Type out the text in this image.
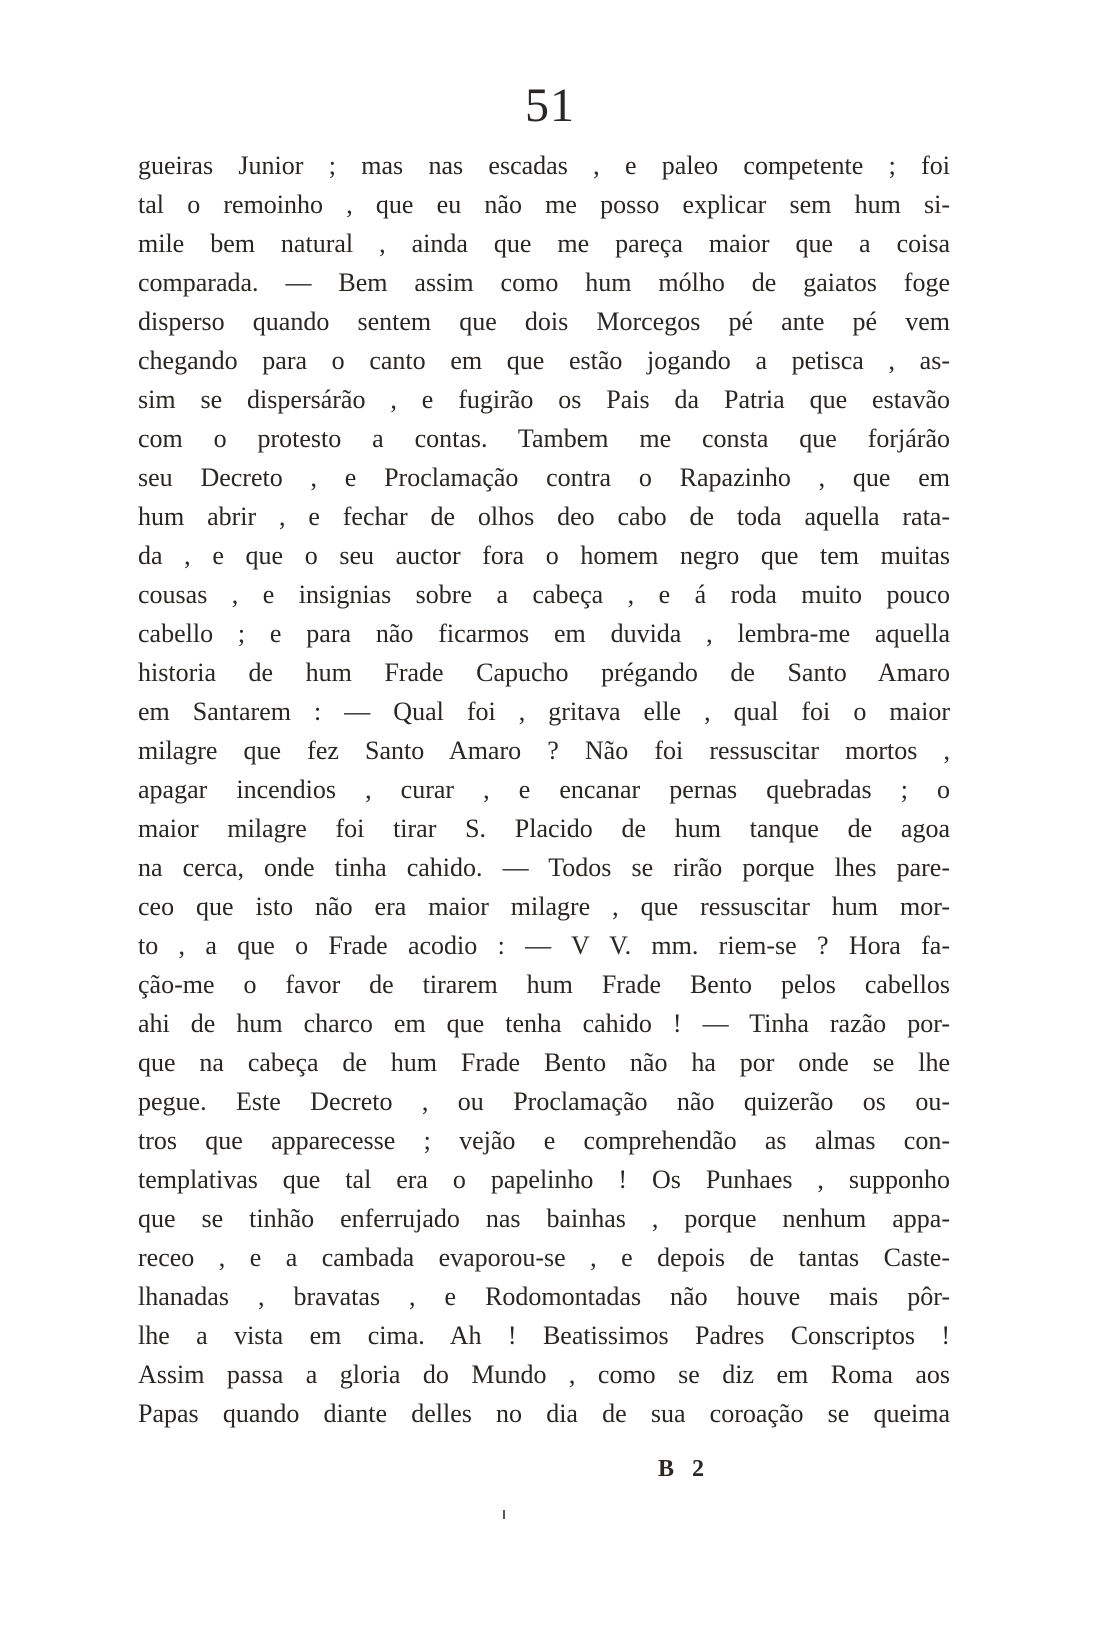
51
gueiras Junior ; mas nas escadas , e paleo competente ; foi
tal o remoinho , que eu não me posso explicar sem hum si-
mile bem natural , ainda que me pareça maior que a coisa
comparada. — Bem assim como hum mólho de gaiatos foge
disperso quando sentem que dois Morcegos pé ante pé vem
chegando para o canto em que estão jogando a petisca , as-
sim se dispersárão , e fugirão os Pais da Patria que estavão
com o protesto a contas. Tambem me consta que forjárão
seu Decreto , e Proclamação contra o Rapazinho , que em
hum abrir , e fechar de olhos deo cabo de toda aquella rata-
da , e que o seu auctor fora o homem negro que tem muitas
cousas , e insignias sobre a cabeça , e á roda muito pouco
cabello ; e para não ficarmos em duvida , lembra-me aquella
historia de hum Frade Capucho prégando de Santo Amaro
em Santarem : — Qual foi , gritava elle , qual foi o maior
milagre que fez Santo Amaro ? Não foi ressuscitar mortos ,
apagar incendios , curar , e encanar pernas quebradas ; o
maior milagre foi tirar S. Placido de hum tanque de agoa
na cerca, onde tinha cahido. — Todos se rirão porque lhes pare-
ceo que isto não era maior milagre , que ressuscitar hum mor-
to , a que o Frade acodio : — V V. mm. riem-se ? Hora fa-
ção-me o favor de tirarem hum Frade Bento pelos cabellos
ahi de hum charco em que tenha cahido ! — Tinha razão por-
que na cabeça de hum Frade Bento não ha por onde se lhe
pegue. Este Decreto , ou Proclamação não quizerão os ou-
tros que apparecesse ; vejão e comprehendão as almas con-
templativas que tal era o papelinho ! Os Punhaes , supponho
que se tinhão enferrujado nas bainhas , porque nenhum appa-
receo , e a cambada evaporou-se , e depois de tantas Caste-
lhanadas , bravatas , e Rodomontadas não houve mais pôr-
lhe a vista em cima. Ah ! Beatissimos Padres Conscriptos !
Assim passa a gloria do Mundo , como se diz em Roma aos
Papas quando diante delles no dia de sua coroação se queima
B 2
